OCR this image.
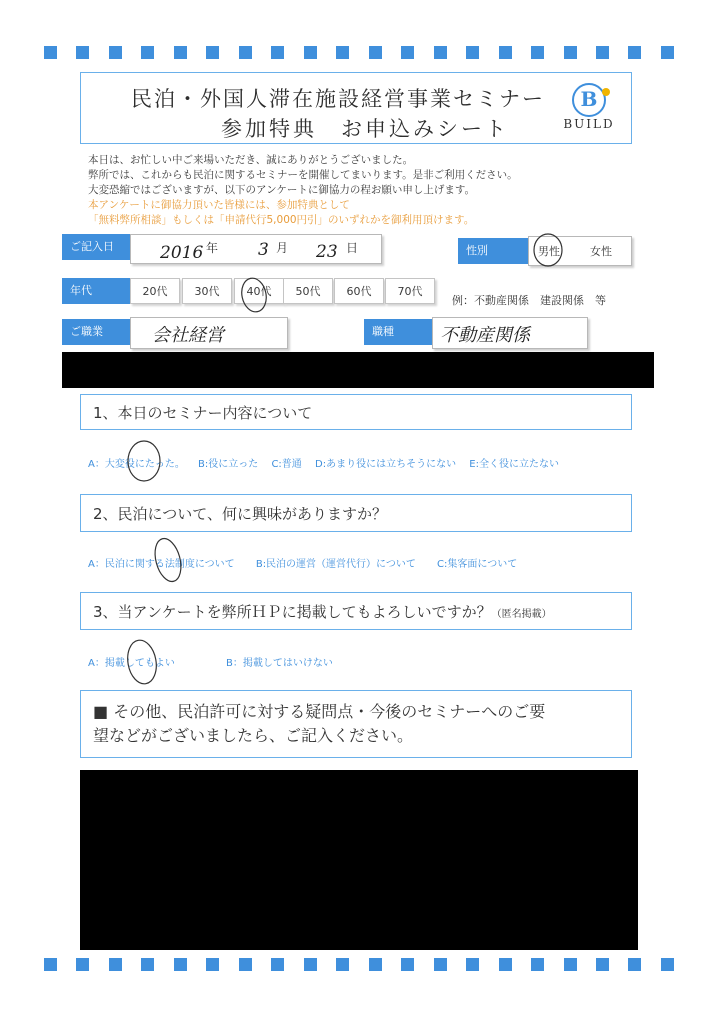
民泊・外国人滞在施設経営事業セミナー
参加特典　お申込みシート
B
BUILD
本日は、お忙しい中ご来場いただき、誠にありがとうございました。
弊所では、これからも民泊に関するセミナーを開催してまいります。是非ご利用ください。
大変恐縮ではございますが、以下のアンケートに御協力の程お願い申し上げます。
本アンケートに御協力頂いた皆様には、参加特典として
「無料弊所相談」もしくは「申請代行5,000円引」のいずれかを御利用頂けます。
ご記入日	2016 年 3 月 23 日	性別	男性	女性
年代	20代	30代	40代	50代	60代	70代
例：不動産関係　建設関係　等
ご職業	会社経営	職種	不動産関係
1、本日のセミナー内容について
A：大変役にたった。 B:役に立った C:普通 D:あまり役には立ちそうにない E:全く役に立たない
2、民泊について、何に興味がありますか？
A：民泊に関する法制度について B:民泊の運営（運営代行）について C:集客面について
3、当アンケートを弊所ＨＰに掲載してもよろしいですか？（匿名掲載）
A：掲載してもよい	B：掲載してはいけない
■ その他、民泊許可に対する疑問点・今後のセミナーへのご要
望などがございましたら、ご記入ください。
